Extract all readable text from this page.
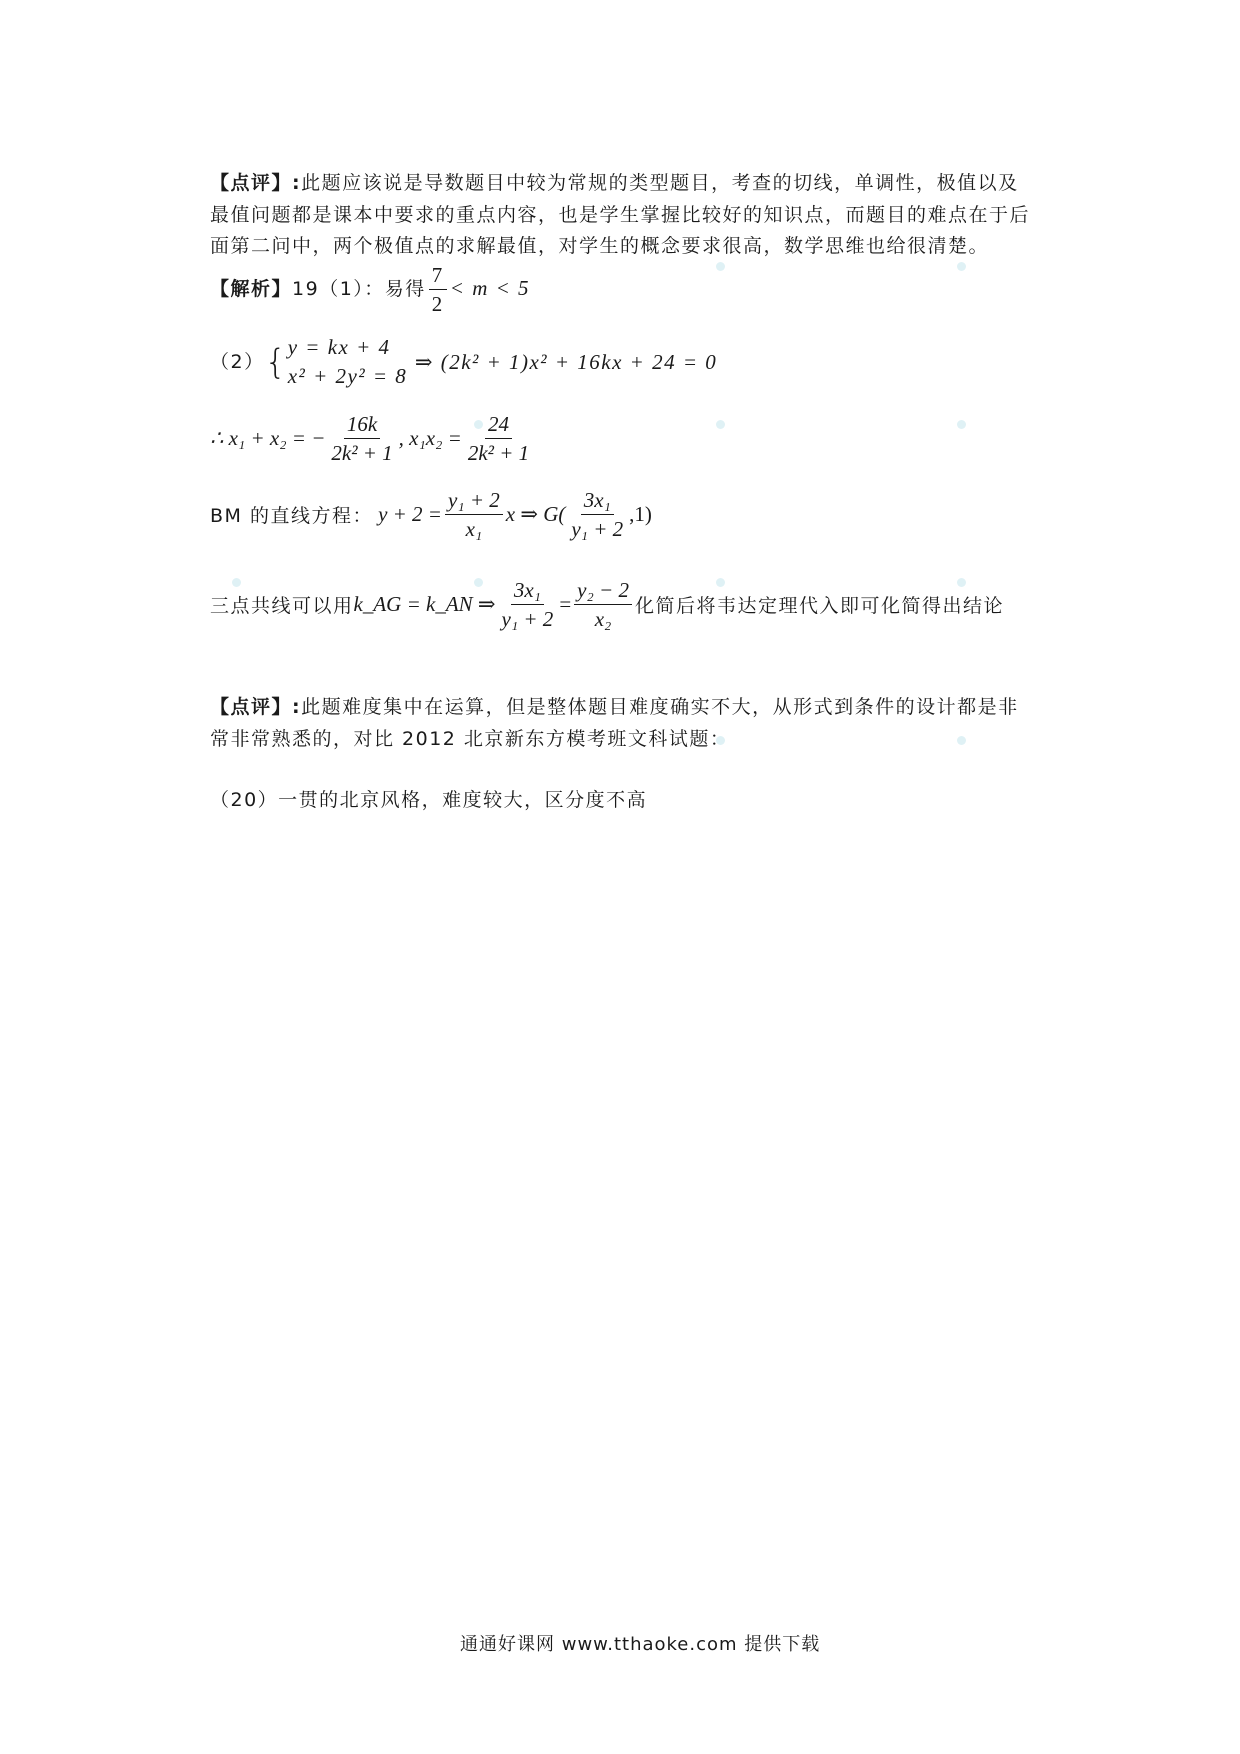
【点评】:此题应该说是导数题目中较为常规的类型题目，考查的切线，单调性，极值以及
最值问题都是课本中要求的重点内容，也是学生掌握比较好的知识点，而题目的难点在于后
面第二问中，两个极值点的求解最值，对学生的概念要求很高，数学思维也给很清楚。
【解析】19（1）：易得 $\frac{7}{2} < m < 5$
（2）{ y = kx + 4
x² + 2y² = 8
⇒ (2k² + 1)x² + 16kx + 24 = 0
∴ x₁ + x₂ = − $\frac{16k}{\text{2k² + 1}}$ , $x_1x_2 = \frac{24}{\text{2k² + 1}}$
BM 的直线方程： $y + 2 = \frac{\text{y₁ + 2}}{\text{x₁}}$ x ⇒ $G( \frac{\text{3x₁}}{\text{y₁ + 2}} ,1)$
三点共线可以用k_AG = k_AN ⇒ $\frac{\text{3x₁}}{\text{y₁ + 2}} = \frac{\text{y₂ − 2}}{\text{x₂}}$ 化简后将韦达定理代入即可化简得出结论
【点评】:此题难度集中在运算，但是整体题目难度确实不大，从形式到条件的设计都是非
常非常熟悉的，对比 2012 北京新东方模考班文科试题：
（20）一贯的北京风格，难度较大，区分度不高
通通好课网 www.tthaoke.com 提供下载
